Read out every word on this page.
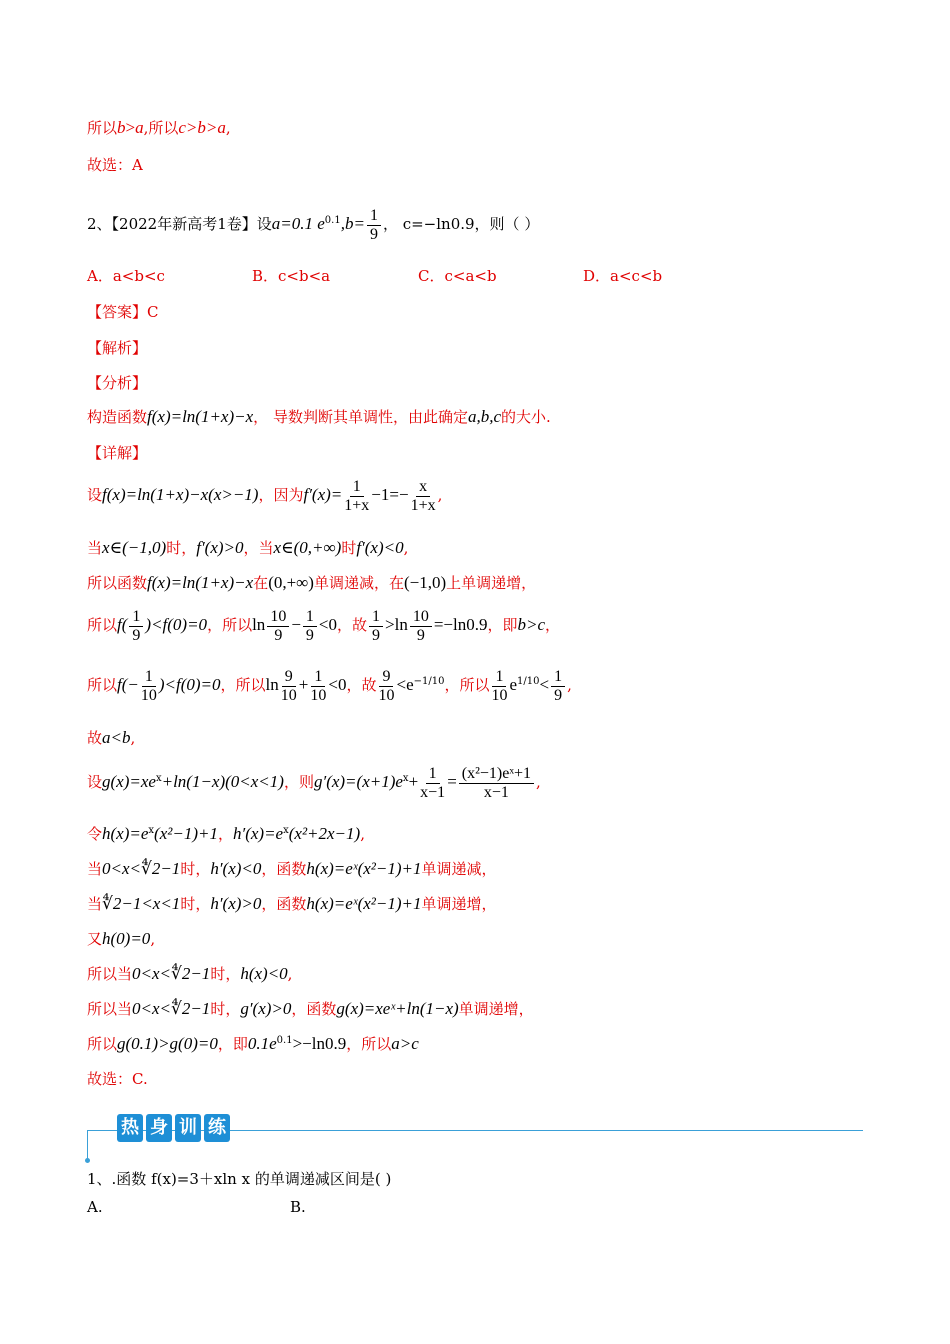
所以b>a,所以c>b>a,
故选：A
2、【2022年新高考1卷】设a=0.1 $e^{0.1},b= \frac{1}{9}$ ， c=−ln0.9，则（ ）
A．a<b<c	B．c<b<a	C．c<a<b	D．a<c<b
【答案】C
【解析】
【分析】
构造函数f(x)=ln(1+x)−x， 导数判断其单调性，由此确定a,b,c的大小.
【详解】
设f(x)=ln(1+x)−x(x>−1)，因为$f'(x)= \frac{1}{1+x} -1=- \frac{x}{1+x}$ ,
当x∈(−1,0)时，f′(x)>0，当x∈(0,+∞)时f′(x)<0,
所以函数f(x)=ln(1+x)−x在(0,+∞)单调递减，在(−1,0)上单调递增，
所以$f( \frac{1}{9} )<f(0)=0$，所以$\ln \frac{10}{9} - \frac{1}{9} <0$，故 $\frac{1}{9} >\ln \frac{10}{9} =-\ln 0.9$，即b>c，
所以$f(- \frac{1}{10} )<f(0)=0$，所以$\ln \frac{9}{10} + \frac{1}{10} <0$，故 $\frac{9}{10} <e^{-1/10}$，所以 $\frac{1}{10} e^{1/10}< \frac{1}{9}$ ,
故a<b,
设$g(x)=xe^x+\ln(1-x)(0<x<1)$，则$g'(x)=(x+1)e^x+ \frac{1}{x-1} = \frac{\text{(x²−1)eˣ+1}}{x-1}$ ,
令$h(x)=e^x(x^2-1)+1$，$h'(x)=e^x(x^2+2x-1)$,
当0<x<∜2−1时，h′(x)<0，函数h(x)=eˣ(x²−1)+1单调递减，
当∜2−1<x<1时，h′(x)>0，函数h(x)=eˣ(x²−1)+1单调递增，
又h(0)=0,
所以当0<x<∜2−1时，h(x)<0,
所以当0<x<∜2−1时，g′(x)>0，函数g(x)=xeˣ+ln(1−x)单调递增，
所以g(0.1)>g(0)=0，即$0.1e^{0.1}>-\ln 0.9$，所以a>c
故选：C.
热 身 训 练
1、.函数 f(x)=3＋xln x 的单调递减区间是( )
A.	B.
